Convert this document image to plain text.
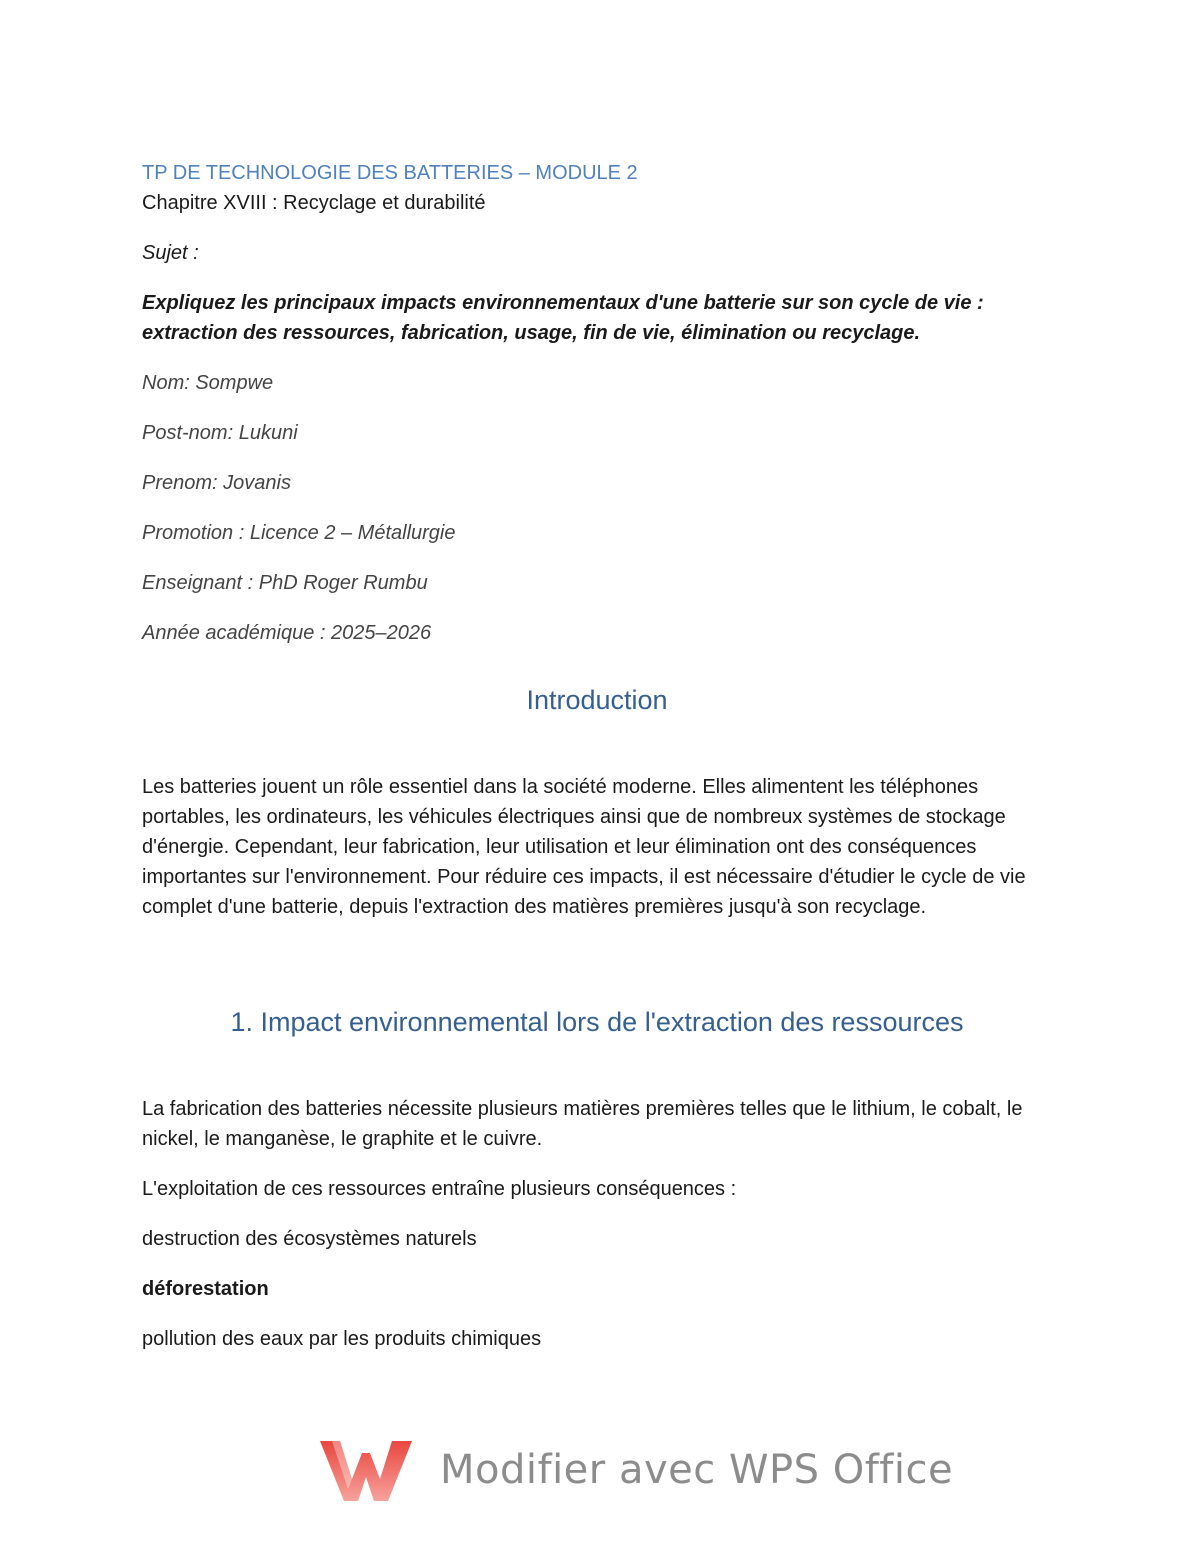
TP DE TECHNOLOGIE DES BATTERIES – MODULE 2

Chapitre XVIII : Recyclage et durabilité

Sujet :

Expliquez les principaux impacts environnementaux d'une batterie sur son cycle de vie : extraction des ressources, fabrication, usage, fin de vie, élimination ou recyclage.

Nom: Sompwe

Post-nom: Lukuni

Prenom: Jovanis

Promotion : Licence 2 – Métallurgie

Enseignant : PhD Roger Rumbu

Année académique : 2025–2026

Introduction

Les batteries jouent un rôle essentiel dans la société moderne. Elles alimentent les téléphones portables, les ordinateurs, les véhicules électriques ainsi que de nombreux systèmes de stockage d'énergie. Cependant, leur fabrication, leur utilisation et leur élimination ont des conséquences importantes sur l'environnement. Pour réduire ces impacts, il est nécessaire d'étudier le cycle de vie complet d'une batterie, depuis l'extraction des matières premières jusqu'à son recyclage.

1. Impact environnemental lors de l'extraction des ressources

La fabrication des batteries nécessite plusieurs matières premières telles que le lithium, le cobalt, le nickel, le manganèse, le graphite et le cuivre.

L'exploitation de ces ressources entraîne plusieurs conséquences :

destruction des écosystèmes naturels

déforestation

pollution des eaux par les produits chimiques

Modifier avec WPS Office
